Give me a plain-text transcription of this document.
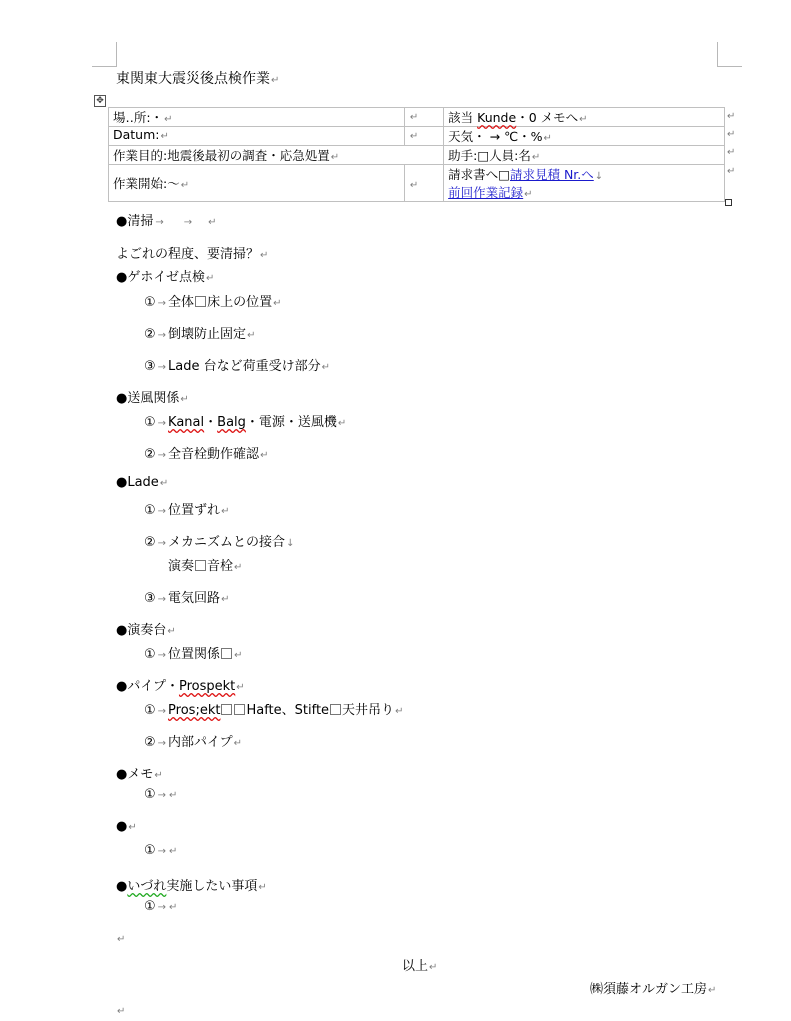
東関東大震災後点検作業↵
✥
場‥所:・↵	↵	該当 Kunde・0 メモへ↵
Datum:↵	↵	天気・ → ℃・%↵
作業目的:地震後最初の調査・応急処置↵		助手:□人員:名↵
作業開始:～↵	↵	請求書へ□請求見積 Nr.へ↓
前回作業記録↵
↵
↵
↵
↵
●清掃 → → ↵
よごれの程度、要清掃？↵
●ゲホイゼ点検↵
① → 全体 床上の位置↵
② → 倒壊防止固定↵
③ → Lade 台など荷重受け部分↵
●送風関係↵
① → Kanal・Balg・電源・送風機↵
② → 全音栓動作確認↵
●Lade↵
① → 位置ずれ↵
② → メカニズムとの接合↓
演奏 音栓↵
③ → 電気回路↵
●演奏台↵
① → 位置関係 ↵
●パイプ・Prospekt↵
① → Pros;ekt Hafte、Stifte 天井吊り↵
② → 内部パイプ↵
●メモ↵
① → ↵
●↵
① → ↵
●いづれ実施したい事項↵
① → ↵
↵
以上↵
㈱須藤オルガン工房↵
↵
